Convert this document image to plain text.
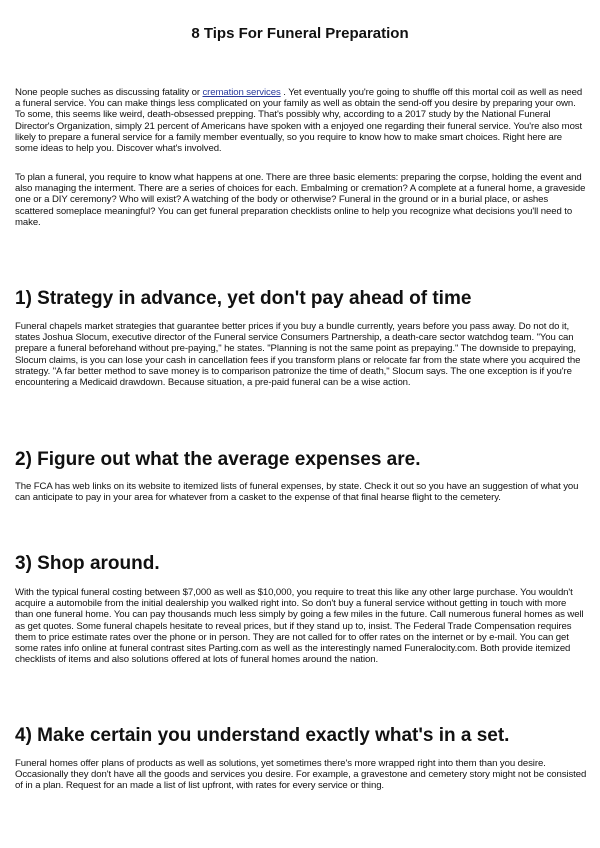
8 Tips For Funeral Preparation

None people suches as discussing fatality or cremation services . Yet eventually you're going to shuffle off this mortal coil as well as need a funeral service. You can make things less complicated on your family as well as obtain the send-off you desire by preparing your own. To some, this seems like weird, death-obsessed prepping. That's possibly why, according to a 2017 study by the National Funeral Director's Organization, simply 21 percent of Americans have spoken with a enjoyed one regarding their funeral service. You're also most likely to prepare a funeral service for a family member eventually, so you require to know how to make smart choices. Right here are some ideas to help you. Discover what's involved.

To plan a funeral, you require to know what happens at one. There are three basic elements: preparing the corpse, holding the event and also managing the interment. There are a series of choices for each. Embalming or cremation? A complete at a funeral home, a graveside one or a DIY ceremony? Who will exist? A watching of the body or otherwise? Funeral in the ground or in a burial place, or ashes scattered someplace meaningful? You can get funeral preparation checklists online to help you recognize what decisions you'll need to make.

1) Strategy in advance, yet don't pay ahead of time

Funeral chapels market strategies that guarantee better prices if you buy a bundle currently, years before you pass away. Do not do it, states Joshua Slocum, executive director of the Funeral service Consumers Partnership, a death-care sector watchdog team. "You can prepare a funeral beforehand without pre-paying," he states. "Planning is not the same point as prepaying." The downside to prepaying, Slocum claims, is you can lose your cash in cancellation fees if you transform plans or relocate far from the state where you acquired the strategy. "A far better method to save money is to comparison patronize the time of death," Slocum says. The one exception is if you're encountering a Medicaid drawdown. Because situation, a pre-paid funeral can be a wise action.

2) Figure out what the average expenses are.

The FCA has web links on its website to itemized lists of funeral expenses, by state. Check it out so you have an suggestion of what you can anticipate to pay in your area for whatever from a casket to the expense of that final hearse flight to the cemetery.

3) Shop around.

With the typical funeral costing between $7,000 as well as $10,000, you require to treat this like any other large purchase. You wouldn't acquire a automobile from the initial dealership you walked right into. So don't buy a funeral service without getting in touch with more than one funeral home. You can pay thousands much less simply by going a few miles in the future. Call numerous funeral homes as well as get quotes. Some funeral chapels hesitate to reveal prices, but if they stand up to, insist. The Federal Trade Compensation requires them to price estimate rates over the phone or in person. They are not called for to offer rates on the internet or by e-mail. You can get some rates info online at funeral contrast sites Parting.com as well as the interestingly named Funeralocity.com. Both provide itemized checklists of items and also solutions offered at lots of funeral homes around the nation.

4) Make certain you understand exactly what's in a set.

Funeral homes offer plans of products as well as solutions, yet sometimes there's more wrapped right into them than you desire. Occasionally they don't have all the goods and services you desire. For example, a gravestone and cemetery story might not be consisted of in a plan. Request for an made a list of list upfront, with rates for every service or thing.
